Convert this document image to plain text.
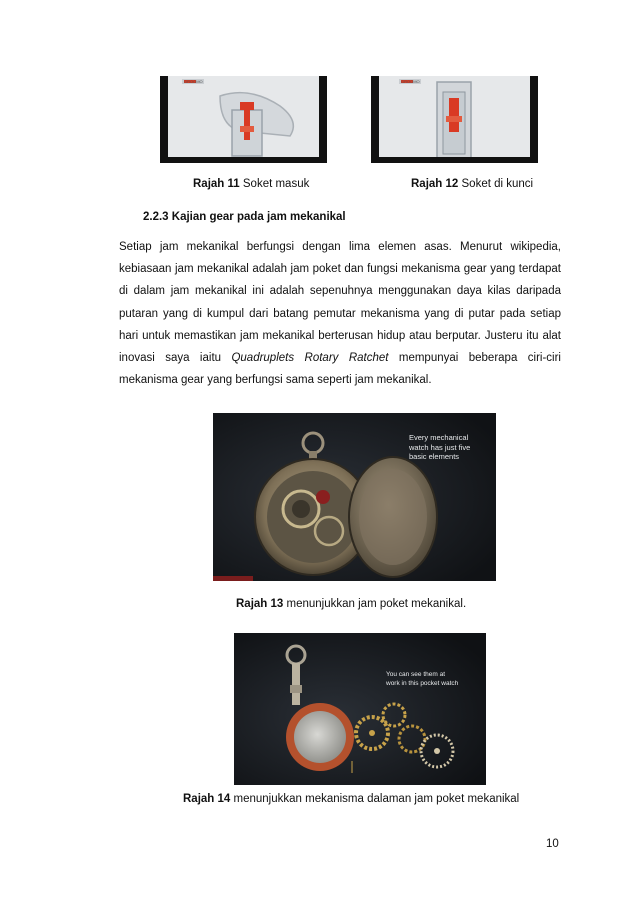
Rajah 11 Soket masuk	Rajah 12 Soket di kunci
2.2.3 Kajian gear pada jam mekanikal
Setiap jam mekanikal berfungsi dengan lima elemen asas. Menurut wikipedia,
kebiasaan jam mekanikal adalah jam poket dan fungsi mekanisma gear yang terdapat
di dalam jam mekanikal ini adalah sepenuhnya menggunakan daya kilas daripada
putaran yang di kumpul dari batang pemutar mekanisma yang di putar pada setiap
hari untuk memastikan jam mekanikal berterusan hidup atau berputar. Justeru itu alat
inovasi saya iaitu Quadruplets Rotary Ratchet mempunyai beberapa ciri-ciri
mekanisma gear yang berfungsi sama seperti jam mekanikal.
Every mechanical
watch has just five
basic elements
Rajah 13 menunjukkan jam poket mekanikal.
You can see them at
work in this pocket watch
Rajah 14 menunjukkan mekanisma dalaman jam poket mekanikal
10
GROOMO	GROOMO
